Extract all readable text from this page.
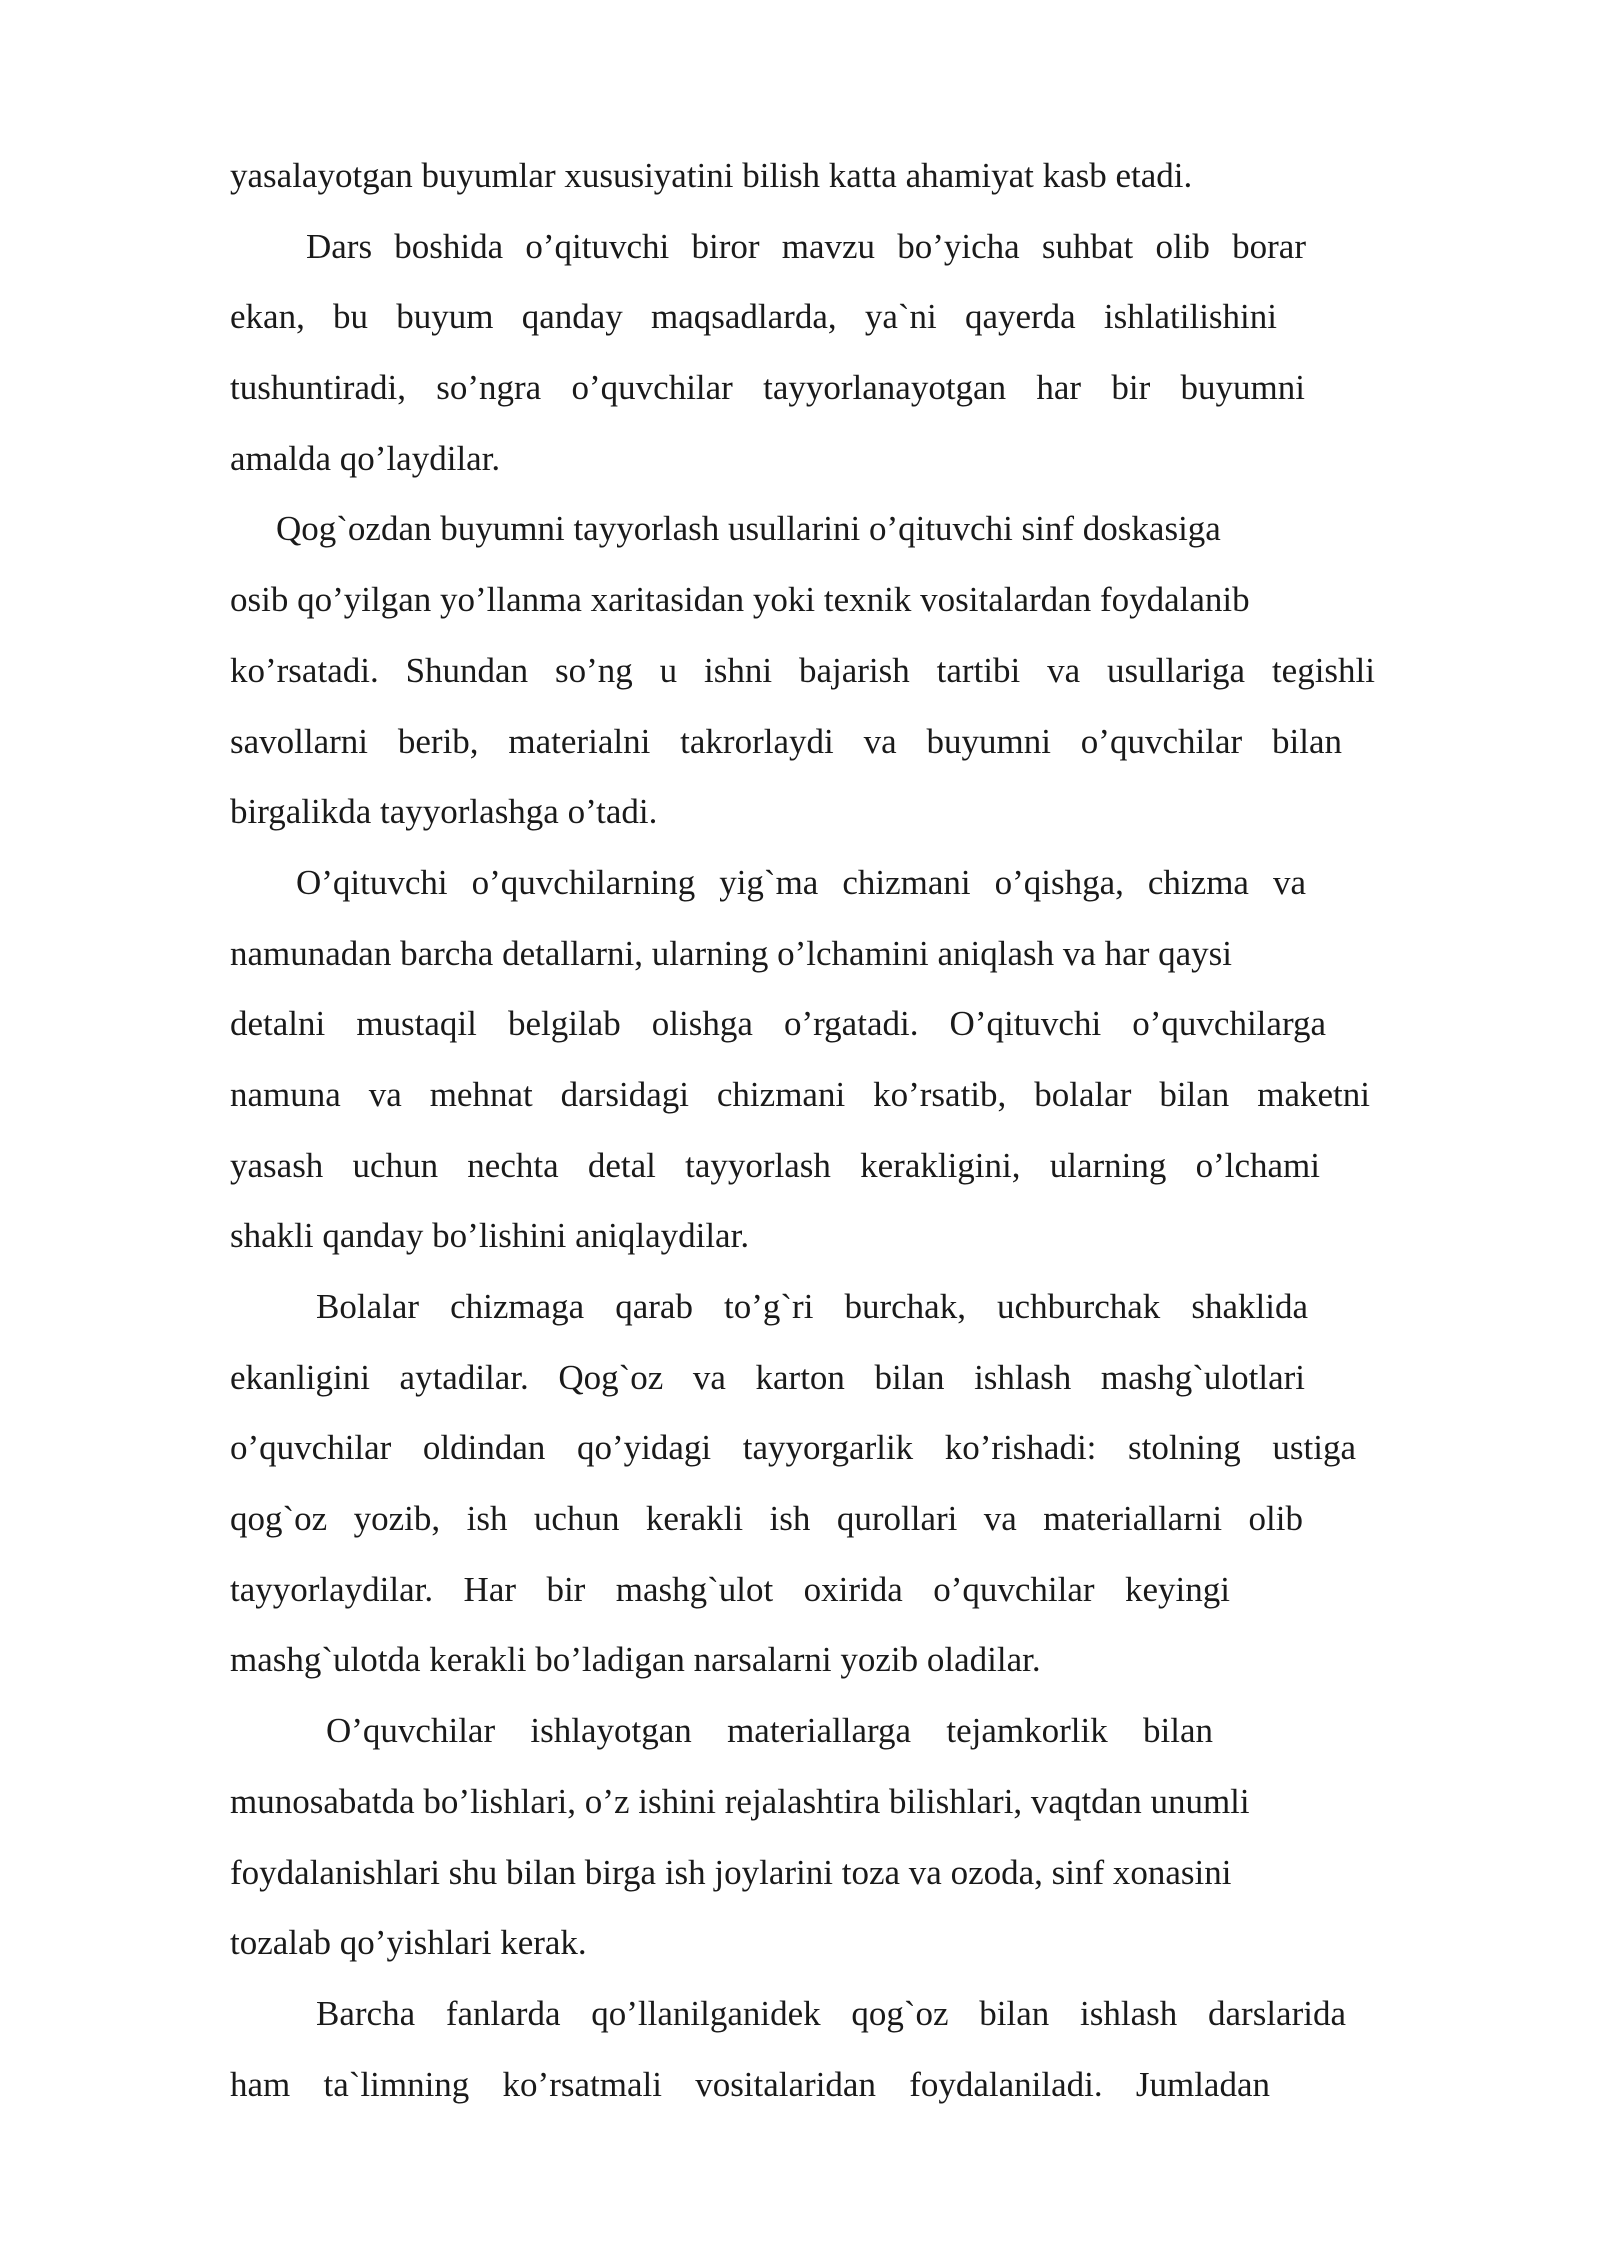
yasalayotgan buyumlar xususiyatini bilish katta ahamiyat kasb etadi.
Dars boshida o’qituvchi biror mavzu bo’yicha suhbat olib borar
ekan, bu buyum qanday maqsadlarda, ya`ni qayerda ishlatilishini
tushuntiradi, so’ngra o’quvchilar tayyorlanayotgan har bir buyumni
amalda qo’laydilar.
Qog`ozdan buyumni tayyorlash usullarini o’qituvchi sinf doskasiga
osib qo’yilgan yo’llanma xaritasidan yoki texnik vositalardan foydalanib
ko’rsatadi. Shundan so’ng u ishni bajarish tartibi va usullariga tegishli
savollarni berib, materialni takrorlaydi va buyumni o’quvchilar bilan
birgalikda tayyorlashga o’tadi.
O’qituvchi o’quvchilarning yig`ma chizmani o’qishga, chizma va
namunadan barcha detallarni, ularning o’lchamini aniqlash va har qaysi
detalni mustaqil belgilab olishga o’rgatadi. O’qituvchi o’quvchilarga
namuna va mehnat darsidagi chizmani ko’rsatib, bolalar bilan maketni
yasash uchun nechta detal tayyorlash kerakligini, ularning o’lchami
shakli qanday bo’lishini aniqlaydilar.
Bolalar chizmaga qarab to’g`ri burchak, uchburchak shaklida
ekanligini aytadilar. Qog`oz va karton bilan ishlash mashg`ulotlari
o’quvchilar oldindan qo’yidagi tayyorgarlik ko’rishadi: stolning ustiga
qog`oz yozib, ish uchun kerakli ish qurollari va materiallarni olib
tayyorlaydilar. Har bir mashg`ulot oxirida o’quvchilar keyingi
mashg`ulotda kerakli bo’ladigan narsalarni yozib oladilar.
O’quvchilar ishlayotgan materiallarga tejamkorlik bilan
munosabatda bo’lishlari, o’z ishini rejalashtira bilishlari, vaqtdan unumli
foydalanishlari shu bilan birga ish joylarini toza va ozoda, sinf xonasini
tozalab qo’yishlari kerak.
Barcha fanlarda qo’llanilganidek qog`oz bilan ishlash darslarida
ham ta`limning ko’rsatmali vositalaridan foydalaniladi. Jumladan
